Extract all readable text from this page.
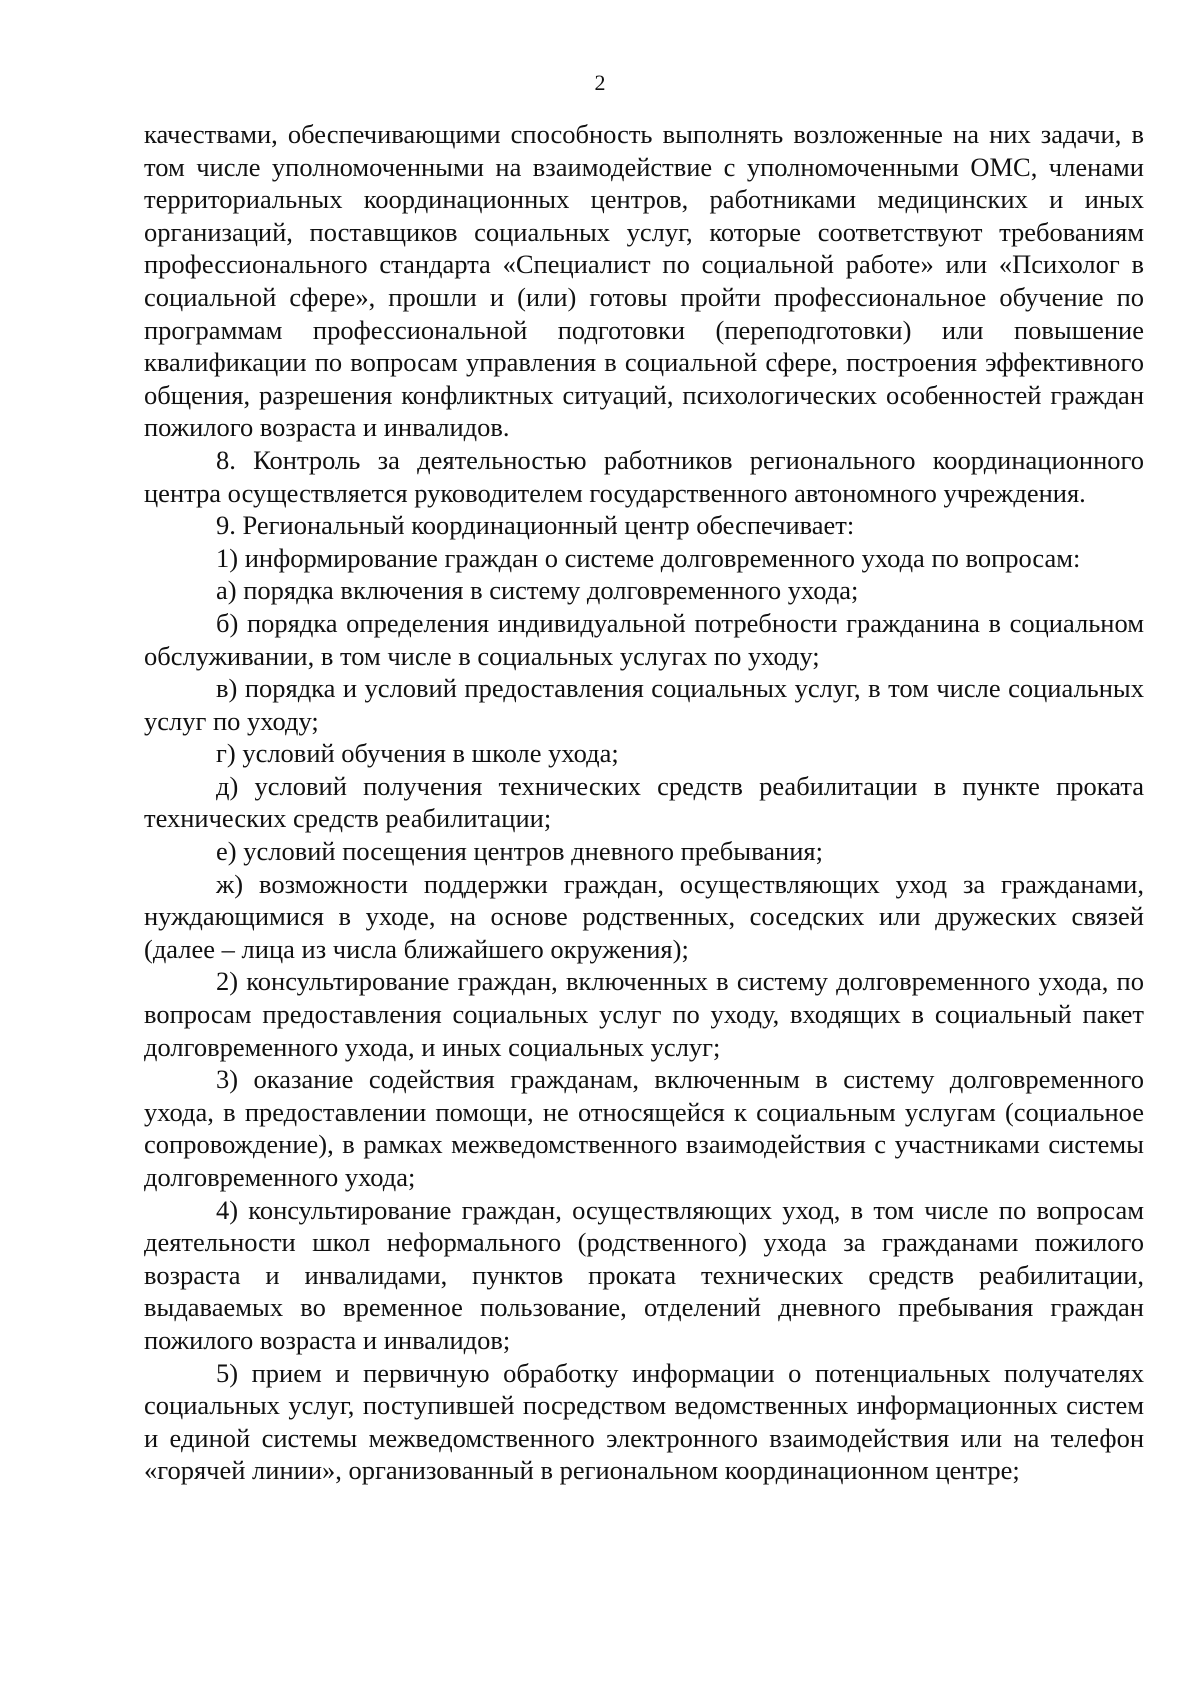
2

качествами, обеспечивающими способность выполнять возложенные на них задачи, в том числе уполномоченными на взаимодействие с уполномоченными ОМС, членами территориальных координационных центров, работниками медицинских и иных организаций, поставщиков социальных услуг, которые соответствуют требованиям профессионального стандарта «Специалист по социальной работе» или «Психолог в социальной сфере», прошли и (или) готовы пройти профессиональное обучение по программам профессиональной подготовки (переподготовки) или повышение квалификации по вопросам управления в социальной сфере, построения эффективного общения, разрешения конфликтных ситуаций, психологических особенностей граждан пожилого возраста и инвалидов.

8. Контроль за деятельностью работников регионального координационного центра осуществляется руководителем государственного автономного учреждения.

9. Региональный координационный центр обеспечивает:

1) информирование граждан о системе долговременного ухода по вопросам:

а) порядка включения в систему долговременного ухода;

б) порядка определения индивидуальной потребности гражданина в социальном обслуживании, в том числе в социальных услугах по уходу;

в) порядка и условий предоставления социальных услуг, в том числе социальных услуг по уходу;

г) условий обучения в школе ухода;

д) условий получения технических средств реабилитации в пункте проката технических средств реабилитации;

е) условий посещения центров дневного пребывания;

ж) возможности поддержки граждан, осуществляющих уход за гражданами, нуждающимися в уходе, на основе родственных, соседских или дружеских связей (далее – лица из числа ближайшего окружения);

2) консультирование граждан, включенных в систему долговременного ухода, по вопросам предоставления социальных услуг по уходу, входящих в социальный пакет долговременного ухода, и иных социальных услуг;

3) оказание содействия гражданам, включенным в систему долговременного ухода, в предоставлении помощи, не относящейся к социальным услугам (социальное сопровождение), в рамках межведомственного взаимодействия с участниками системы долговременного ухода;

4) консультирование граждан, осуществляющих уход, в том числе по вопросам деятельности школ неформального (родственного) ухода за гражданами пожилого возраста и инвалидами, пунктов проката технических средств реабилитации, выдаваемых во временное пользование, отделений дневного пребывания граждан пожилого возраста и инвалидов;

5) прием и первичную обработку информации о потенциальных получателях социальных услуг, поступившей посредством ведомственных информационных систем и единой системы межведомственного электронного взаимодействия или на телефон «горячей линии», организованный в региональном координационном центре;
